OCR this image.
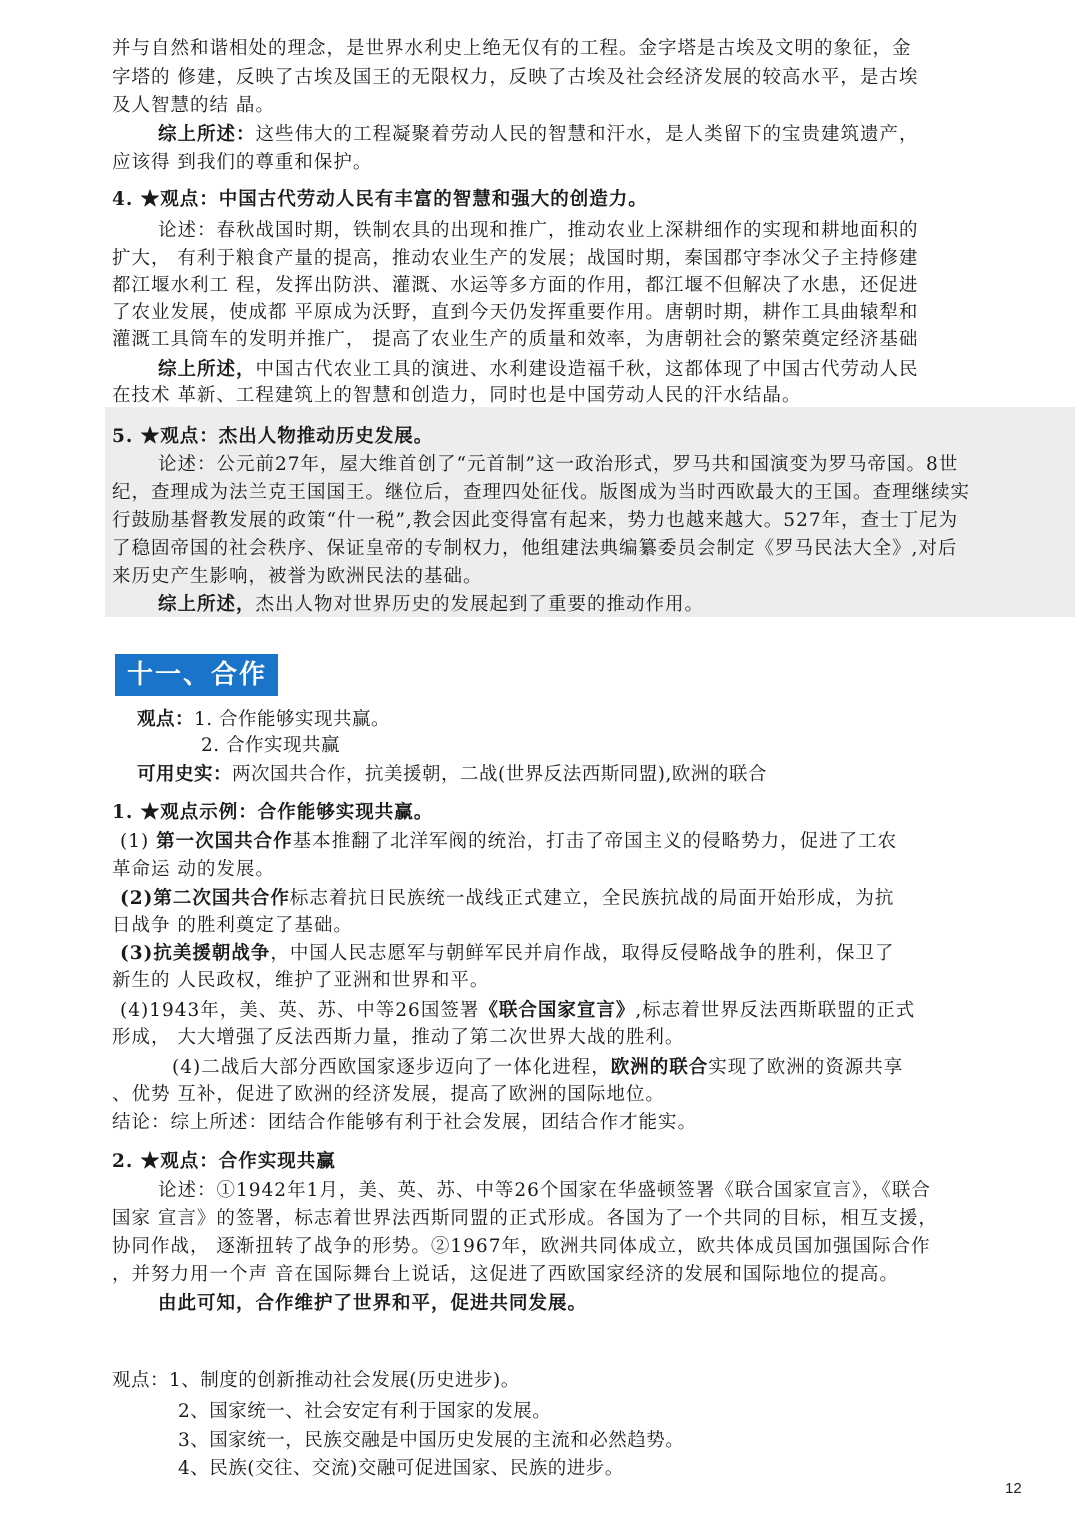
并与自然和谐相处的理念，是世界水利史上绝无仅有的工程。金字塔是古埃及文明的象征，金
字塔的 修建，反映了古埃及国王的无限权力，反映了古埃及社会经济发展的较高水平，是古埃
及人智慧的结 晶。
综上所述：这些伟大的工程凝聚着劳动人民的智慧和汗水，是人类留下的宝贵建筑遗产，
应该得 到我们的尊重和保护。
4. ★观点：中国古代劳动人民有丰富的智慧和强大的创造力。
论述：春秋战国时期，铁制农具的出现和推广，推动农业上深耕细作的实现和耕地面积的
扩大， 有利于粮食产量的提高，推动农业生产的发展；战国时期，秦国郡守李冰父子主持修建
都江堰水利工 程，发挥出防洪、灌溉、水运等多方面的作用，都江堰不但解决了水患，还促进
了农业发展，使成都 平原成为沃野，直到今天仍发挥重要作用。唐朝时期，耕作工具曲辕犁和
灌溉工具筒车的发明并推广， 提高了农业生产的质量和效率，为唐朝社会的繁荣奠定经济基础
综上所述，中国古代农业工具的演进、水利建设造福千秋，这都体现了中国古代劳动人民
在技术 革新、工程建筑上的智慧和创造力，同时也是中国劳动人民的汗水结晶。
5. ★观点：杰出人物推动历史发展。
论述：公元前27年，屋大维首创了“元首制”这一政治形式，罗马共和国演变为罗马帝国。8世
纪，查理成为法兰克王国国王。继位后，查理四处征伐。版图成为当时西欧最大的王国。查理继续实
行鼓励基督教发展的政策“什一税”,教会因此变得富有起来，势力也越来越大。527年，查士丁尼为
了稳固帝国的社会秩序、保证皇帝的专制权力，他组建法典编纂委员会制定《罗马民法大全》,对后
来历史产生影响，被誉为欧洲民法的基础。
综上所述，杰出人物对世界历史的发展起到了重要的推动作用。
十一、合作
观点：1. 合作能够实现共赢。
2. 合作实现共赢
可用史实：两次国共合作，抗美援朝，二战(世界反法西斯同盟),欧洲的联合
1. ★观点示例：合作能够实现共赢。
(1) 第一次国共合作基本推翻了北洋军阀的统治，打击了帝国主义的侵略势力，促进了工农
革命运 动的发展。
(2)第二次国共合作标志着抗日民族统一战线正式建立，全民族抗战的局面开始形成，为抗
日战争 的胜利奠定了基础。
(3)抗美援朝战争，中国人民志愿军与朝鲜军民并肩作战，取得反侵略战争的胜利，保卫了
新生的 人民政权，维护了亚洲和世界和平。
(4)1943年，美、英、苏、中等26国签署《联合国家宣言》,标志着世界反法西斯联盟的正式
形成， 大大增强了反法西斯力量，推动了第二次世界大战的胜利。
(4)二战后大部分西欧国家逐步迈向了一体化进程，欧洲的联合实现了欧洲的资源共享
、优势 互补，促进了欧洲的经济发展，提高了欧洲的国际地位。
结论：综上所述：团结合作能够有利于社会发展，团结合作才能实。
2. ★观点：合作实现共赢
论述：①1942年1月，美、英、苏、中等26个国家在华盛顿签署《联合国家宣言》，《联合
国家 宣言》的签署，标志着世界法西斯同盟的正式形成。各国为了一个共同的目标，相互支援，
协同作战， 逐渐扭转了战争的形势。②1967年，欧洲共同体成立，欧共体成员国加强国际合作
，并努力用一个声 音在国际舞台上说话，这促进了西欧国家经济的发展和国际地位的提高。
由此可知，合作维护了世界和平，促进共同发展。
观点：1、制度的创新推动社会发展(历史进步)。
2、国家统一、社会安定有利于国家的发展。
3、国家统一，民族交融是中国历史发展的主流和必然趋势。
4、民族(交往、交流)交融可促进国家、民族的进步。
12
